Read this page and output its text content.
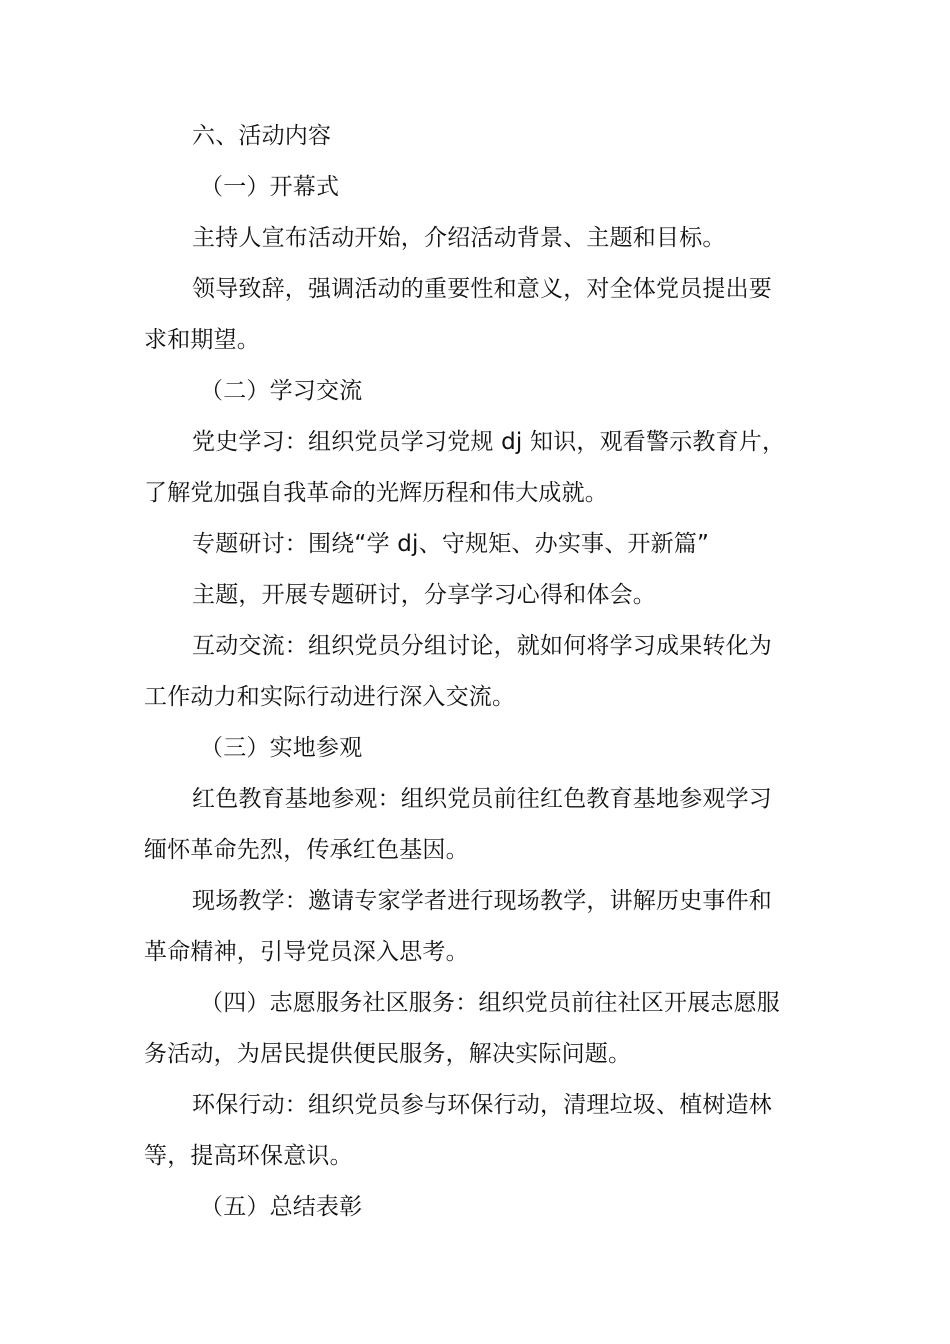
六、活动内容
（一）开幕式
主持人宣布活动开始，介绍活动背景、主题和目标。
领导致辞，强调活动的重要性和意义，对全体党员提出要
求和期望。
（二）学习交流
党史学习：组织党员学习党规 dj 知识，观看警示教育片，
了解党加强自我革命的光辉历程和伟大成就。
专题研讨：围绕“学 dj、守规矩、办实事、开新篇”
主题，开展专题研讨，分享学习心得和体会。
互动交流：组织党员分组讨论，就如何将学习成果转化为
工作动力和实际行动进行深入交流。
（三）实地参观
红色教育基地参观：组织党员前往红色教育基地参观学习
缅怀革命先烈，传承红色基因。
现场教学：邀请专家学者进行现场教学，讲解历史事件和
革命精神，引导党员深入思考。
（四）志愿服务社区服务：组织党员前往社区开展志愿服
务活动，为居民提供便民服务，解决实际问题。
环保行动：组织党员参与环保行动，清理垃圾、植树造林
等，提高环保意识。
（五）总结表彰
